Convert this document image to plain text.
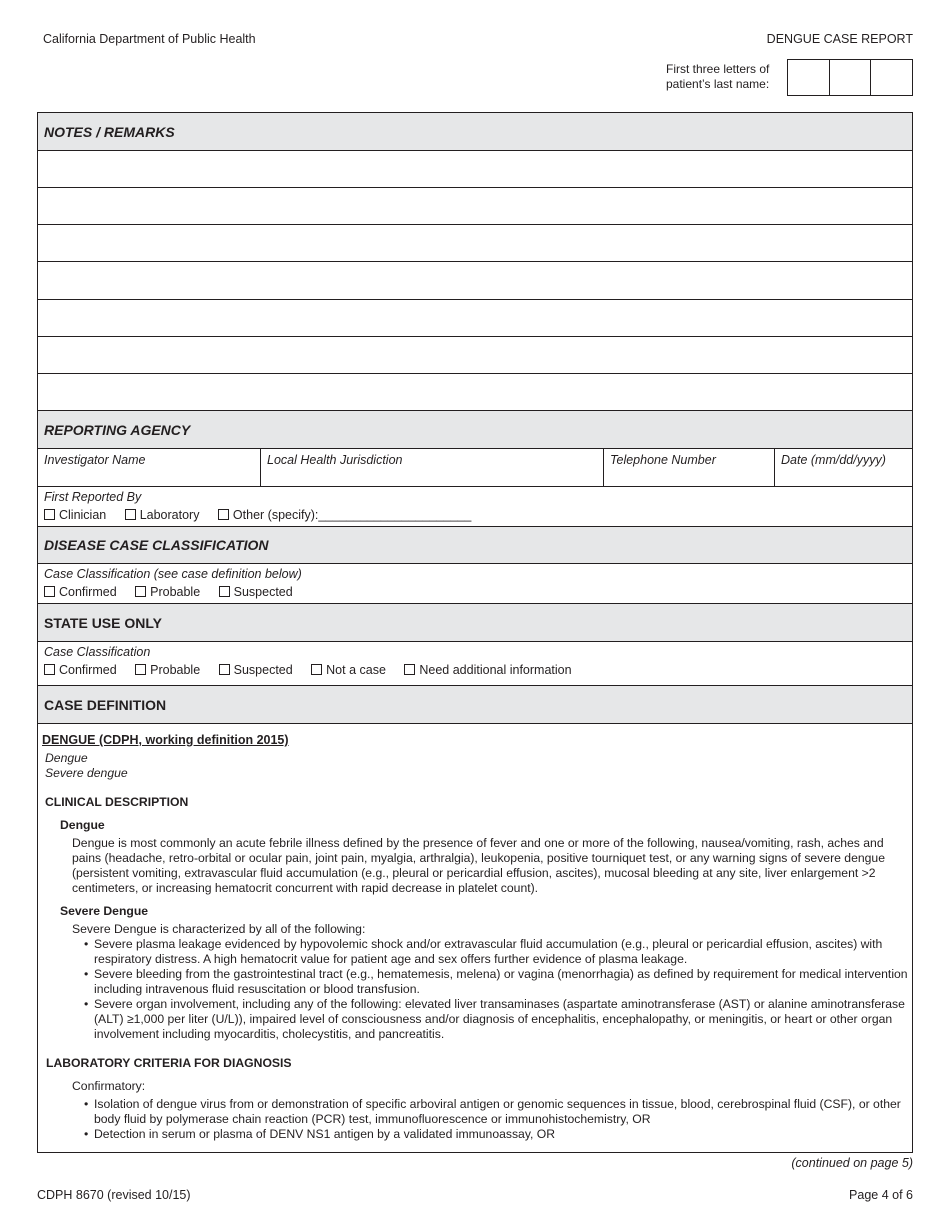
California Department of Public Health	DENGUE CASE REPORT
First three letters of
patient’s last name:
NOTES / REMARKS
REPORTING AGENCY
Investigator Name	Local Health Jurisdiction	Telephone Number	Date (mm/dd/yyyy)
First Reported By
Clinician	Laboratory	Other (specify):______________________
DISEASE CASE CLASSIFICATION
Case Classification (see case definition below)
Confirmed	Probable	Suspected
STATE USE ONLY
Case Classification
Confirmed	Probable	Suspected	Not a case	Need additional information
CASE DEFINITION
DENGUE (CDPH, working definition 2015)
Dengue
Severe dengue
CLINICAL DESCRIPTION
Dengue
Dengue is most commonly an acute febrile illness defined by the presence of fever and one or more of the following, nausea/vomiting, rash, aches and pains (headache, retro-orbital or ocular pain, joint pain, myalgia, arthralgia), leukopenia, positive tourniquet test, or any warning signs of severe dengue (persistent vomiting, extravascular fluid accumulation (e.g., pleural or pericardial effusion, ascites), mucosal bleeding at any site, liver enlargement >2 centimeters, or increasing hematocrit concurrent with rapid decrease in platelet count).
Severe Dengue
Severe Dengue is characterized by all of the following:
• Severe plasma leakage evidenced by hypovolemic shock and/or extravascular fluid accumulation (e.g., pleural or pericardial effusion, ascites) with respiratory distress. A high hematocrit value for patient age and sex offers further evidence of plasma leakage.
• Severe bleeding from the gastrointestinal tract (e.g., hematemesis, melena) or vagina (menorrhagia) as defined by requirement for medical intervention including intravenous fluid resuscitation or blood transfusion.
• Severe organ involvement, including any of the following: elevated liver transaminases (aspartate aminotransferase (AST) or alanine aminotransferase (ALT) ≥1,000 per liter (U/L)), impaired level of consciousness and/or diagnosis of encephalitis, encephalopathy, or meningitis, or heart or other organ involvement including myocarditis, cholecystitis, and pancreatitis.
LABORATORY CRITERIA FOR DIAGNOSIS
Confirmatory:
• Isolation of dengue virus from or demonstration of specific arboviral antigen or genomic sequences in tissue, blood, cerebrospinal fluid (CSF), or other body fluid by polymerase chain reaction (PCR) test, immunofluorescence or immunohistochemistry, OR
• Detection in serum or plasma of DENV NS1 antigen by a validated immunoassay, OR
(continued on page 5)
CDPH 8670 (revised 10/15)	Page 4 of 6
